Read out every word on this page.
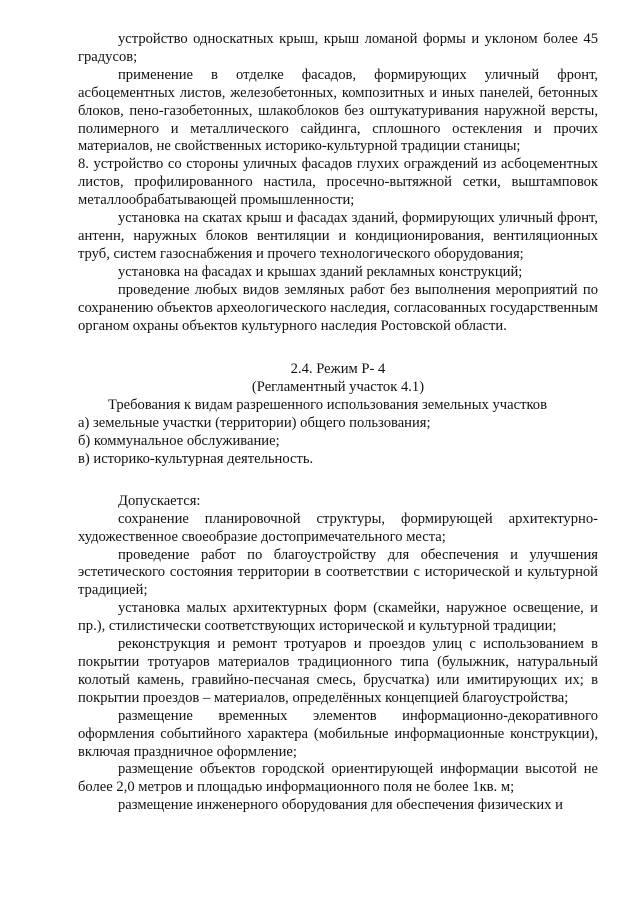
устройство односкатных крыш, крыш ломаной формы и уклоном более 45 градусов;

применение в отделке фасадов, формирующих уличный фронт, асбоцементных листов, железобетонных, композитных и иных панелей, бетонных блоков, пено-газобетонных, шлакоблоков без оштукатуривания наружной версты, полимерного и металлического сайдинга, сплошного остекления и прочих материалов, не свойственных историко-культурной традиции станицы;

8. устройство со стороны уличных фасадов глухих ограждений из асбоцементных листов, профилированного настила, просечно-вытяжной сетки, выштамповок металлообрабатывающей промышленности;

установка на скатах крыш и фасадах зданий, формирующих уличный фронт, антенн, наружных блоков вентиляции и кондиционирования, вентиляционных труб, систем газоснабжения и прочего технологического оборудования;

установка на фасадах и крышах зданий рекламных конструкций;

проведение любых видов земляных работ без выполнения мероприятий по сохранению объектов археологического наследия, согласованных государственным органом охраны объектов культурного наследия Ростовской области.

2.4. Режим Р- 4

(Регламентный участок 4.1)

Требования к видам разрешенного использования земельных участков

а) земельные участки (территории) общего пользования;

б) коммунальное обслуживание;

в) историко-культурная деятельность.

Допускается:

сохранение планировочной структуры, формирующей архитектурно-художественное своеобразие достопримечательного места;

проведение работ по благоустройству для обеспечения и улучшения эстетического состояния территории в соответствии с исторической и культурной традицией;

установка малых архитектурных форм (скамейки, наружное освещение, и пр.), стилистически соответствующих исторической и культурной традиции;

реконструкция и ремонт тротуаров и проездов улиц с использованием в покрытии тротуаров материалов традиционного типа (булыжник, натуральный колотый камень, гравийно-песчаная смесь, брусчатка) или имитирующих их; в покрытии проездов – материалов, определённых концепцией благоустройства;

размещение временных элементов информационно-декоративного оформления событийного характера (мобильные информационные конструкции), включая праздничное оформление;

размещение объектов городской ориентирующей информации высотой не более 2,0 метров и площадью информационного поля не более 1кв. м;

размещение инженерного оборудования для обеспечения физических и
